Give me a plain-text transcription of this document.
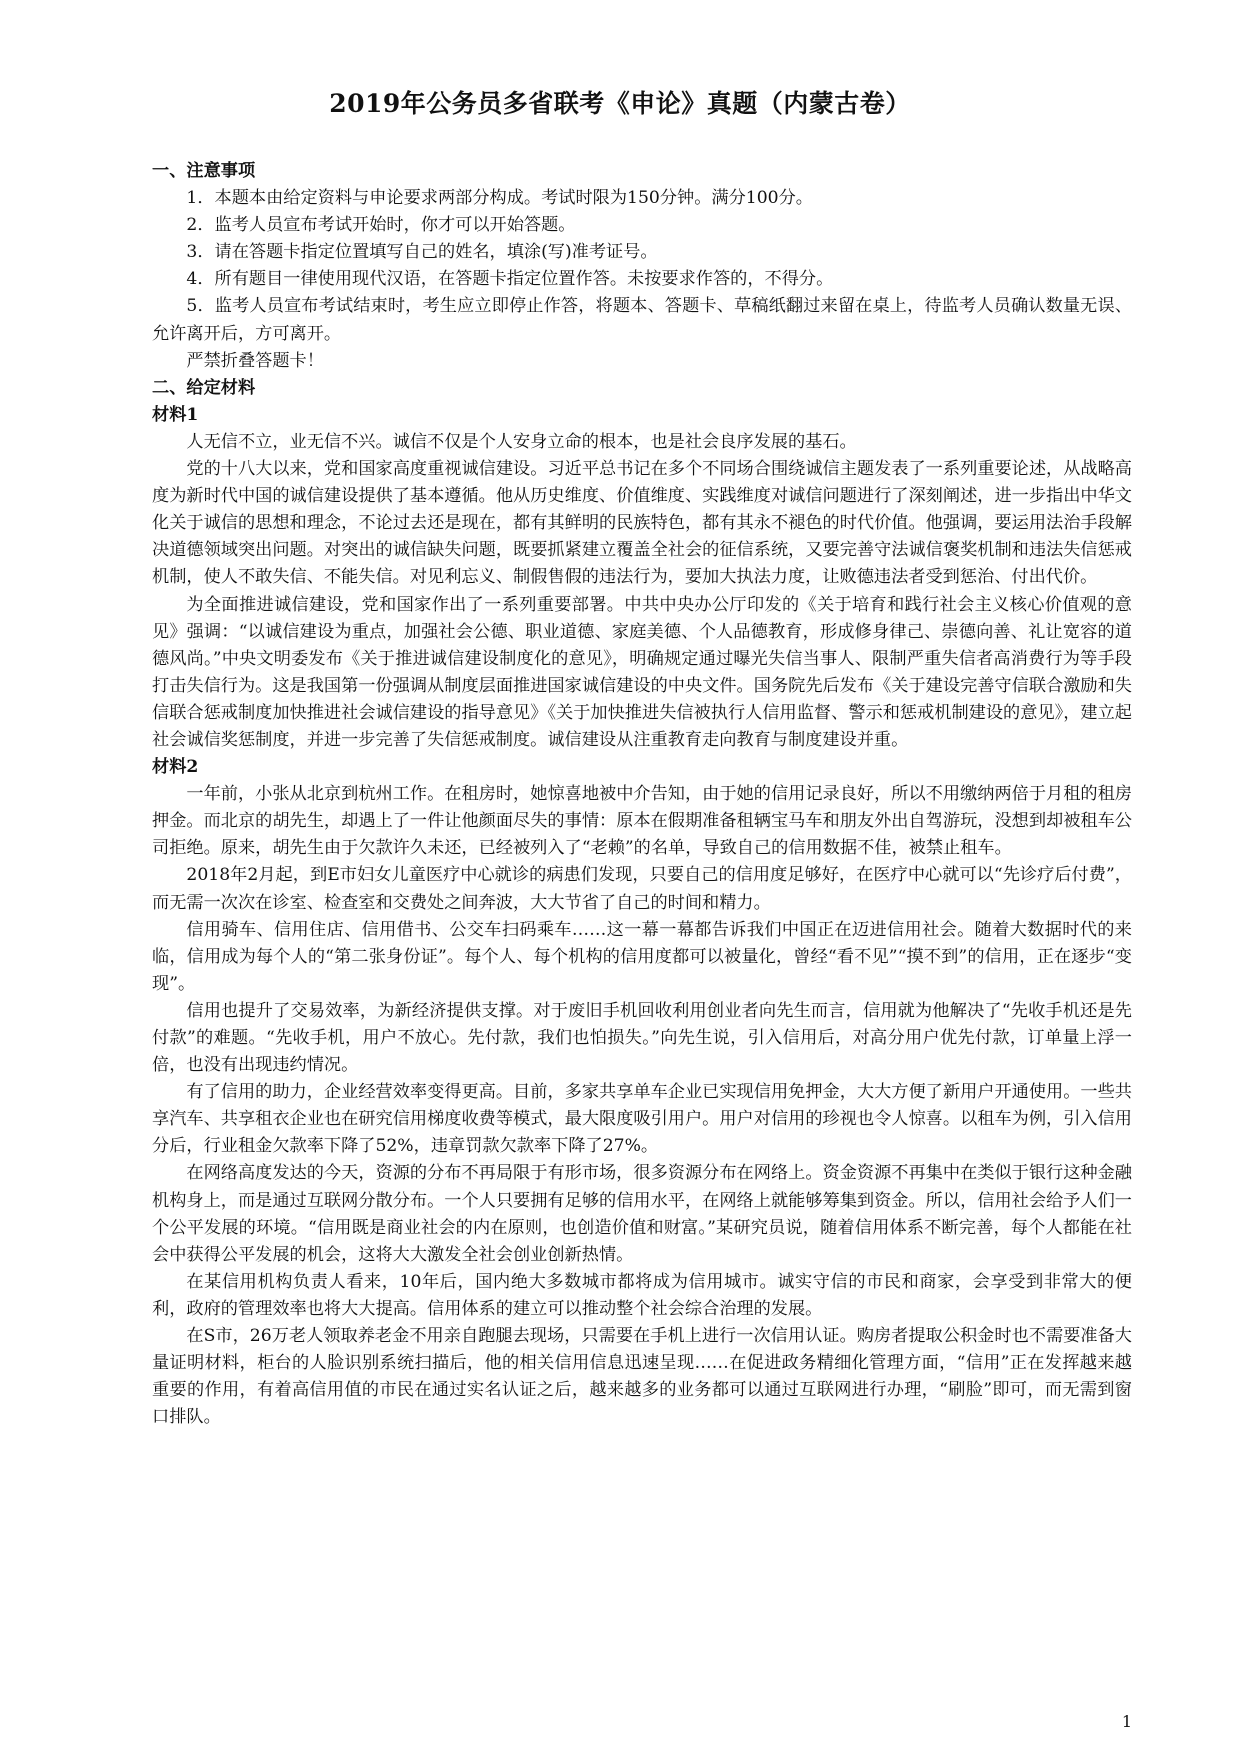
2019年公务员多省联考《申论》真题（内蒙古卷）

一、注意事项

1．本题本由给定资料与申论要求两部分构成。考试时限为150分钟。满分100分。

2．监考人员宣布考试开始时，你才可以开始答题。

3．请在答题卡指定位置填写自己的姓名，填涂(写)准考证号。

4．所有题目一律使用现代汉语，在答题卡指定位置作答。未按要求作答的，不得分。

5．监考人员宣布考试结束时，考生应立即停止作答，将题本、答题卡、草稿纸翻过来留在桌上，待监考人员确认数量无误、允许离开后，方可离开。

严禁折叠答题卡！

二、给定材料

材料1

人无信不立，业无信不兴。诚信不仅是个人安身立命的根本，也是社会良序发展的基石。

党的十八大以来，党和国家高度重视诚信建设。习近平总书记在多个不同场合围绕诚信主题发表了一系列重要论述，从战略高度为新时代中国的诚信建设提供了基本遵循。他从历史维度、价值维度、实践维度对诚信问题进行了深刻阐述，进一步指出中华文化关于诚信的思想和理念，不论过去还是现在，都有其鲜明的民族特色，都有其永不褪色的时代价值。他强调，要运用法治手段解决道德领域突出问题。对突出的诚信缺失问题，既要抓紧建立覆盖全社会的征信系统，又要完善守法诚信褒奖机制和违法失信惩戒机制，使人不敢失信、不能失信。对见利忘义、制假售假的违法行为，要加大执法力度，让败德违法者受到惩治、付出代价。

为全面推进诚信建设，党和国家作出了一系列重要部署。中共中央办公厅印发的《关于培育和践行社会主义核心价值观的意见》强调：“以诚信建设为重点，加强社会公德、职业道德、家庭美德、个人品德教育，形成修身律己、崇德向善、礼让宽容的道德风尚。”中央文明委发布《关于推进诚信建设制度化的意见》，明确规定通过曝光失信当事人、限制严重失信者高消费行为等手段打击失信行为。这是我国第一份强调从制度层面推进国家诚信建设的中央文件。国务院先后发布《关于建设完善守信联合激励和失信联合惩戒制度加快推进社会诚信建设的指导意见》《关于加快推进失信被执行人信用监督、警示和惩戒机制建设的意见》，建立起社会诚信奖惩制度，并进一步完善了失信惩戒制度。诚信建设从注重教育走向教育与制度建设并重。

材料2

一年前，小张从北京到杭州工作。在租房时，她惊喜地被中介告知，由于她的信用记录良好，所以不用缴纳两倍于月租的租房押金。而北京的胡先生，却遇上了一件让他颜面尽失的事情：原本在假期准备租辆宝马车和朋友外出自驾游玩，没想到却被租车公司拒绝。原来，胡先生由于欠款许久未还，已经被列入了“老赖”的名单，导致自己的信用数据不佳，被禁止租车。

2018年2月起，到E市妇女儿童医疗中心就诊的病患们发现，只要自己的信用度足够好，在医疗中心就可以“先诊疗后付费”，而无需一次次在诊室、检查室和交费处之间奔波，大大节省了自己的时间和精力。

信用骑车、信用住店、信用借书、公交车扫码乘车……这一幕一幕都告诉我们中国正在迈进信用社会。随着大数据时代的来临，信用成为每个人的“第二张身份证”。每个人、每个机构的信用度都可以被量化，曾经“看不见”“摸不到”的信用，正在逐步“变现”。

信用也提升了交易效率，为新经济提供支撑。对于废旧手机回收利用创业者向先生而言，信用就为他解决了“先收手机还是先付款”的难题。“先收手机，用户不放心。先付款，我们也怕损失。”向先生说，引入信用后，对高分用户优先付款，订单量上浮一倍，也没有出现违约情况。

有了信用的助力，企业经营效率变得更高。目前，多家共享单车企业已实现信用免押金，大大方便了新用户开通使用。一些共享汽车、共享租衣企业也在研究信用梯度收费等模式，最大限度吸引用户。用户对信用的珍视也令人惊喜。以租车为例，引入信用分后，行业租金欠款率下降了52%，违章罚款欠款率下降了27%。

在网络高度发达的今天，资源的分布不再局限于有形市场，很多资源分布在网络上。资金资源不再集中在类似于银行这种金融机构身上，而是通过互联网分散分布。一个人只要拥有足够的信用水平，在网络上就能够筹集到资金。所以，信用社会给予人们一个公平发展的环境。“信用既是商业社会的内在原则，也创造价值和财富。”某研究员说，随着信用体系不断完善，每个人都能在社会中获得公平发展的机会，这将大大激发全社会创业创新热情。

在某信用机构负责人看来，10年后，国内绝大多数城市都将成为信用城市。诚实守信的市民和商家，会享受到非常大的便利，政府的管理效率也将大大提高。信用体系的建立可以推动整个社会综合治理的发展。

在S市，26万老人领取养老金不用亲自跑腿去现场，只需要在手机上进行一次信用认证。购房者提取公积金时也不需要准备大量证明材料，柜台的人脸识别系统扫描后，他的相关信用信息迅速呈现……在促进政务精细化管理方面，“信用”正在发挥越来越重要的作用，有着高信用值的市民在通过实名认证之后，越来越多的业务都可以通过互联网进行办理，“刷脸”即可，而无需到窗口排队。

1
